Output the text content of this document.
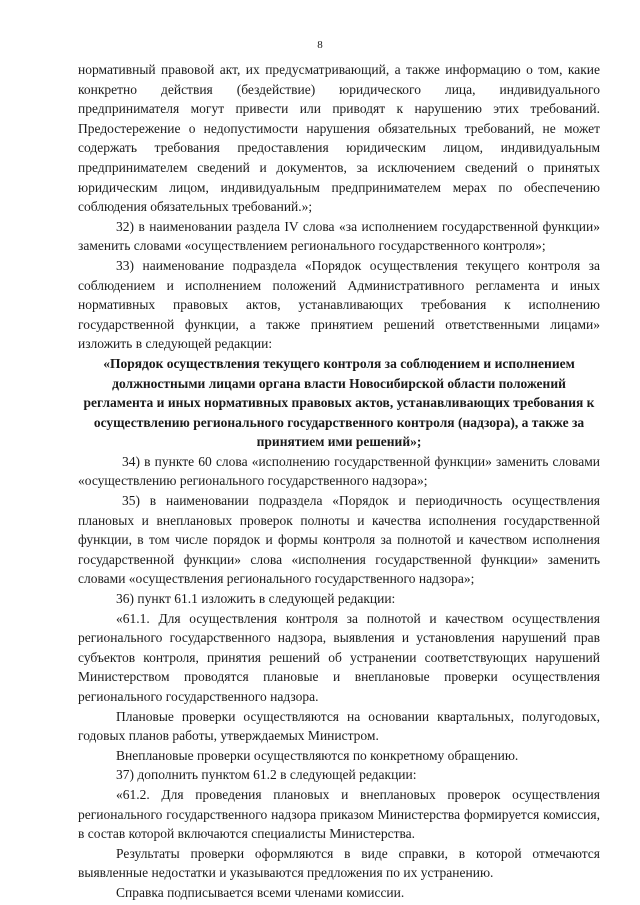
8

нормативный правовой акт, их предусматривающий, а также информацию о том, какие конкретно действия (бездействие) юридического лица, индивидуального предпринимателя могут привести или приводят к нарушению этих требований. Предостережение о недопустимости нарушения обязательных требований, не может содержать требования предоставления юридическим лицом, индивидуальным предпринимателем сведений и документов, за исключением сведений о принятых юридическим лицом, индивидуальным предпринимателем мерах по обеспечению соблюдения обязательных требований.»;

32) в наименовании раздела IV слова «за исполнением государственной функции» заменить словами «осуществлением регионального государственного контроля»;

33) наименование подраздела «Порядок осуществления текущего контроля за соблюдением и исполнением положений Административного регламента и иных нормативных правовых актов, устанавливающих требования к исполнению государственной функции, а также принятием решений ответственными лицами» изложить в следующей редакции:

«Порядок осуществления текущего контроля за соблюдением и исполнением должностными лицами органа власти Новосибирской области положений регламента и иных нормативных правовых актов, устанавливающих требования к осуществлению регионального государственного контроля (надзора), а также за принятием ими решений»;

34) в пункте 60 слова «исполнению государственной функции» заменить словами «осуществлению регионального государственного надзора»;

35) в наименовании подраздела «Порядок и периодичность осуществления плановых и внеплановых проверок полноты и качества исполнения государственной функции, в том числе порядок и формы контроля за полнотой и качеством исполнения государственной функции» слова «исполнения государственной функции» заменить словами «осуществления регионального государственного надзора»;

36) пункт 61.1 изложить в следующей редакции:

«61.1. Для осуществления контроля за полнотой и качеством осуществления регионального государственного надзора, выявления и установления нарушений прав субъектов контроля, принятия решений об устранении соответствующих нарушений Министерством проводятся плановые и внеплановые проверки осуществления регионального государственного надзора.

Плановые проверки осуществляются на основании квартальных, полугодовых, годовых планов работы, утверждаемых Министром.

Внеплановые проверки осуществляются по конкретному обращению.

37) дополнить пунктом 61.2 в следующей редакции:

«61.2. Для проведения плановых и внеплановых проверок осуществления регионального государственного надзора приказом Министерства формируется комиссия, в состав которой включаются специалисты Министерства.

Результаты проверки оформляются в виде справки, в которой отмечаются выявленные недостатки и указываются предложения по их устранению.

Справка подписывается всеми членами комиссии.
